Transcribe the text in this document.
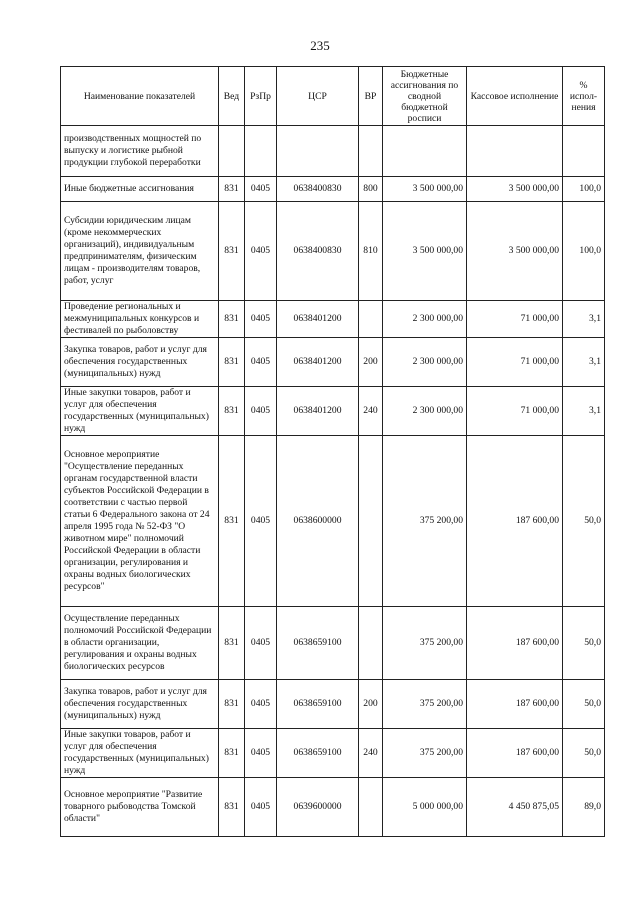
235
Наименование показателей	Вед	РзПр	ЦСР	ВР	Бюджетные ассигнования по сводной бюджетной росписи	Кассовое исполнение	% испол-нения
производственных мощностей по выпуску и логистике рыбной продукции глубокой переработки							
Иные бюджетные ассигнования	831	0405	0638400830	800	3 500 000,00	3 500 000,00	100,0
Субсидии юридическим лицам (кроме некоммерческих организаций), индивидуальным предпринимателям, физическим лицам - производителям товаров, работ, услуг	831	0405	0638400830	810	3 500 000,00	3 500 000,00	100,0
Проведение региональных и межмуниципальных конкурсов и фестивалей по рыболовству	831	0405	0638401200		2 300 000,00	71 000,00	3,1
Закупка товаров, работ и услуг для обеспечения государственных (муниципальных) нужд	831	0405	0638401200	200	2 300 000,00	71 000,00	3,1
Иные закупки товаров, работ и услуг для обеспечения государственных (муниципальных) нужд	831	0405	0638401200	240	2 300 000,00	71 000,00	3,1
Основное мероприятие "Осуществление переданных органам государственной власти субъектов Российской Федерации в соответствии с частью первой статьи 6 Федерального закона от 24 апреля 1995 года № 52-ФЗ "О животном мире" полномочий Российской Федерации в области организации, регулирования и охраны водных биологических ресурсов"	831	0405	0638600000		375 200,00	187 600,00	50,0
Осуществление переданных полномочий Российской Федерации в области организации, регулирования и охраны водных биологических ресурсов	831	0405	0638659100		375 200,00	187 600,00	50,0
Закупка товаров, работ и услуг для обеспечения государственных (муниципальных) нужд	831	0405	0638659100	200	375 200,00	187 600,00	50,0
Иные закупки товаров, работ и услуг для обеспечения государственных (муниципальных) нужд	831	0405	0638659100	240	375 200,00	187 600,00	50,0
Основное мероприятие "Развитие товарного рыбоводства Томской области"	831	0405	0639600000		5 000 000,00	4 450 875,05	89,0
